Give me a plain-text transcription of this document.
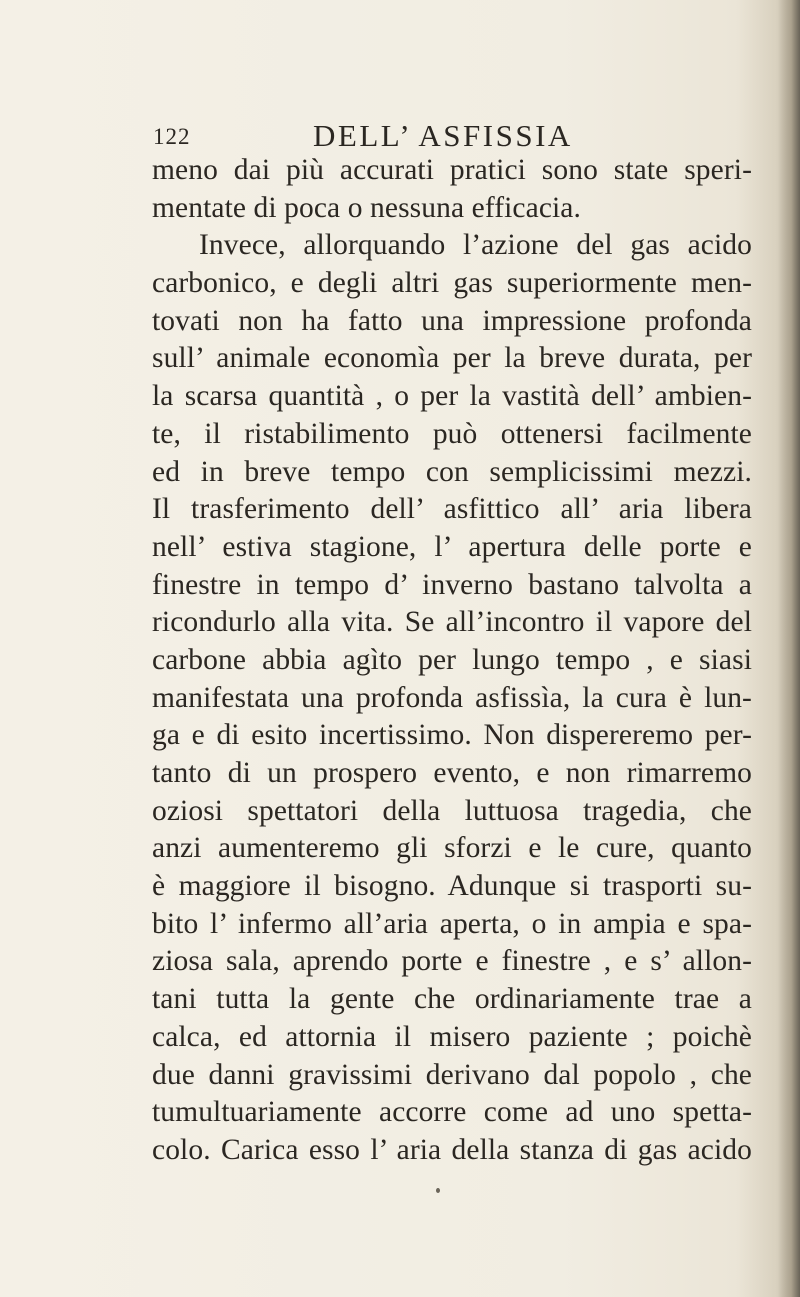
122	DELL’ ASFISSIA
meno dai più accurati pratici sono state speri-
mentate di poca o nessuna efficacia.
Invece, allorquando l’azione del gas acido
carbonico, e degli altri gas superiormente men-
tovati non ha fatto una impressione profonda
sull’ animale economìa per la breve durata, per
la scarsa quantità , o per la vastità dell’ ambien-
te, il ristabilimento può ottenersi facilmente
ed in breve tempo con semplicissimi mezzi.
Il trasferimento dell’ asfittico all’ aria libera
nell’ estiva stagione, l’ apertura delle porte e
finestre in tempo d’ inverno bastano talvolta a
ricondurlo alla vita. Se all’incontro il vapore del
carbone abbia agìto per lungo tempo , e siasi
manifestata una profonda asfissìa, la cura è lun-
ga e di esito incertissimo. Non dispereremo per-
tanto di un prospero evento, e non rimarremo
oziosi spettatori della luttuosa tragedia, che
anzi aumenteremo gli sforzi e le cure, quanto
è maggiore il bisogno. Adunque si trasporti su-
bito l’ infermo all’aria aperta, o in ampia e spa-
ziosa sala, aprendo porte e finestre , e s’ allon-
tani tutta la gente che ordinariamente trae a
calca, ed attornia il misero paziente ; poichè
due danni gravissimi derivano dal popolo , che
tumultuariamente accorre come ad uno spetta-
colo. Carica esso l’ aria della stanza di gas acido
